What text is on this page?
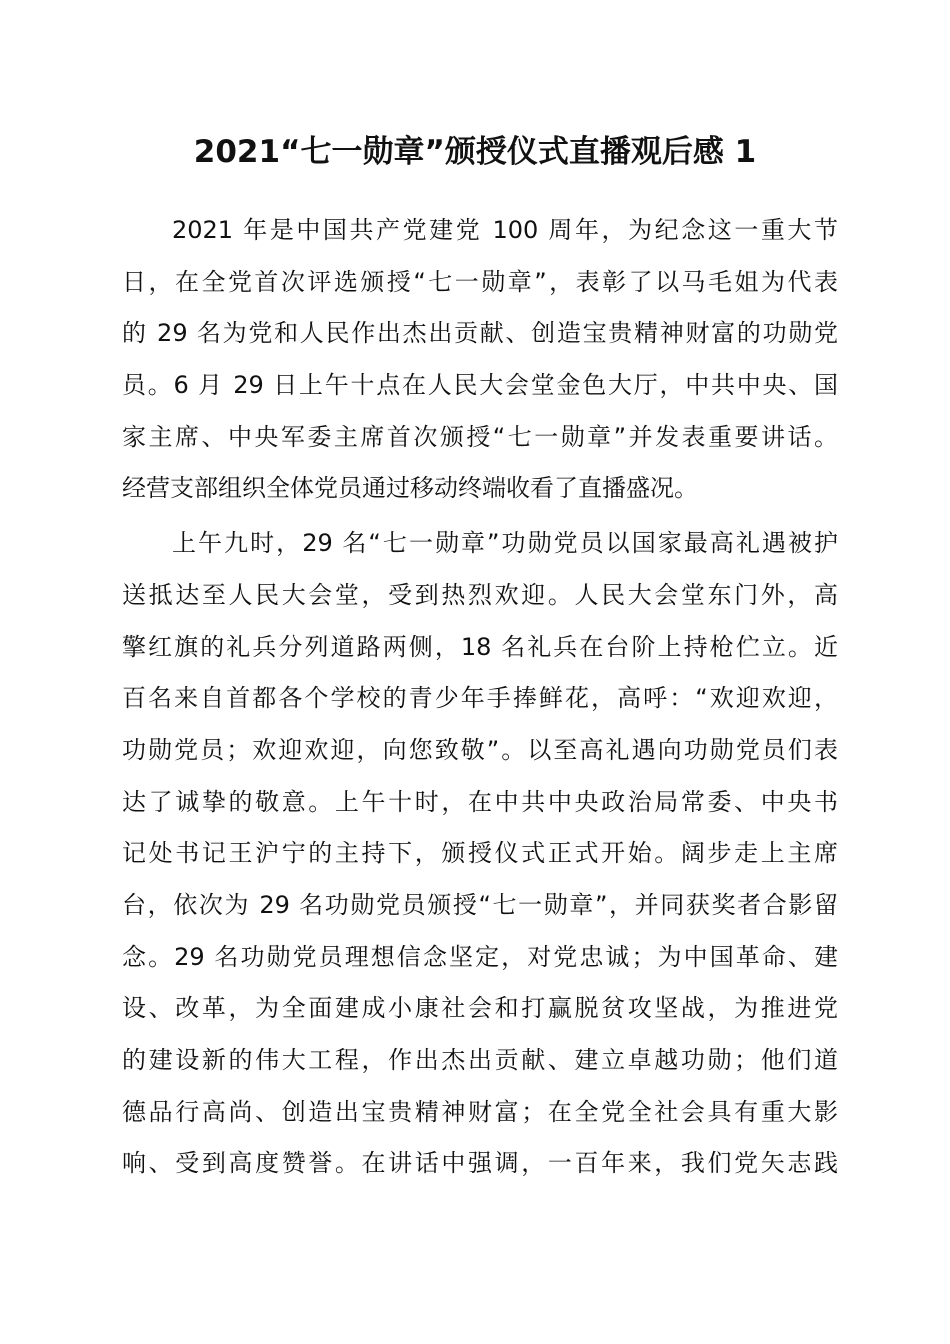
2021“七一勋章”颁授仪式直播观后感 1
2021 年是中国共产党建党 100 周年，为纪念这一重大节
日，在全党首次评选颁授“七一勋章”，表彰了以马毛姐为代表
的 29 名为党和人民作出杰出贡献、创造宝贵精神财富的功勋党
员。6 月 29 日上午十点在人民大会堂金色大厅，中共中央、国
家主席、中央军委主席首次颁授“七一勋章”并发表重要讲话。
经营支部组织全体党员通过移动终端收看了直播盛况。
上午九时，29 名“七一勋章”功勋党员以国家最高礼遇被护
送抵达至人民大会堂，受到热烈欢迎。人民大会堂东门外，高
擎红旗的礼兵分列道路两侧，18 名礼兵在台阶上持枪伫立。近
百名来自首都各个学校的青少年手捧鲜花，高呼：“欢迎欢迎，
功勋党员；欢迎欢迎，向您致敬”。以至高礼遇向功勋党员们表
达了诚挚的敬意。上午十时，在中共中央政治局常委、中央书
记处书记王沪宁的主持下，颁授仪式正式开始。阔步走上主席
台，依次为 29 名功勋党员颁授“七一勋章”，并同获奖者合影留
念。29 名功勋党员理想信念坚定，对党忠诚；为中国革命、建
设、改革，为全面建成小康社会和打赢脱贫攻坚战，为推进党
的建设新的伟大工程，作出杰出贡献、建立卓越功勋；他们道
德品行高尚、创造出宝贵精神财富；在全党全社会具有重大影
响、受到高度赞誉。在讲话中强调，一百年来，我们党矢志践
